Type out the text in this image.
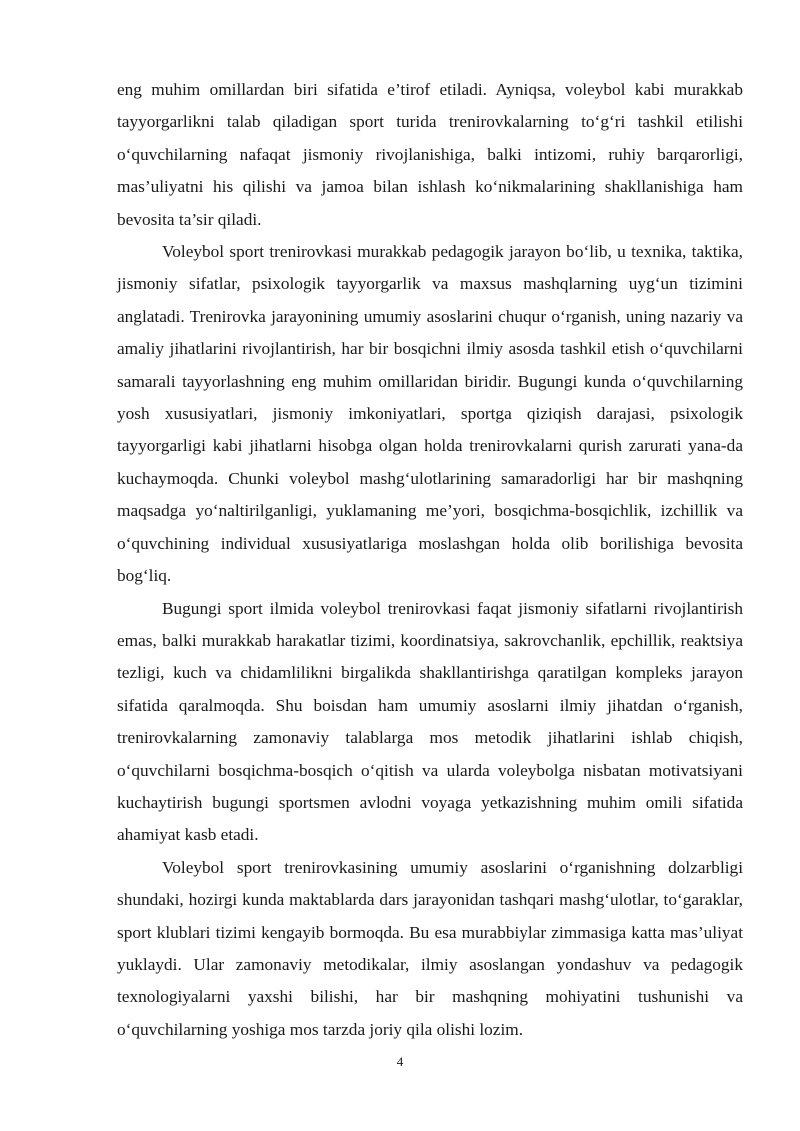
eng muhim omillardan biri sifatida e’tirof etiladi. Ayniqsa, voleybol kabi murakkab tayyorgarlikni talab qiladigan sport turida trenirovkalarning to‘g‘ri tashkil etilishi o‘quvchilarning nafaqat jismoniy rivojlanishiga, balki intizomi, ruhiy barqarorligi, mas’uliyatni his qilishi va jamoa bilan ishlash ko‘nikmalarining shakllanishiga ham bevosita ta’sir qiladi.

Voleybol sport trenirovkasi murakkab pedagogik jarayon bo‘lib, u texnika, taktika, jismoniy sifatlar, psixologik tayyorgarlik va maxsus mashqlarning uyg‘un tizimini anglatadi. Trenirovka jarayonining umumiy asoslarini chuqur o‘rganish, uning nazariy va amaliy jihatlarini rivojlantirish, har bir bosqichni ilmiy asosda tashkil etish o‘quvchilarni samarali tayyorlashning eng muhim omillaridan biridir. Bugungi kunda o‘quvchilarning yosh xususiyatlari, jismoniy imkoniyatlari, sportga qiziqish darajasi, psixologik tayyorgarligi kabi jihatlarni hisobga olgan holda trenirovkalarni qurish zarurati yana-da kuchaymoqda. Chunki voleybol mashg‘ulotlarining samaradorligi har bir mashqning maqsadga yo‘naltirilganligi, yuklamaning me’yori, bosqichma-bosqichlik, izchillik va o‘quvchining individual xususiyatlariga moslashgan holda olib borilishiga bevosita bog‘liq.

Bugungi sport ilmida voleybol trenirovkasi faqat jismoniy sifatlarni rivojlantirish emas, balki murakkab harakatlar tizimi, koordinatsiya, sakrovchanlik, epchillik, reaktsiya tezligi, kuch va chidamlilikni birgalikda shakllantirishga qaratilgan kompleks jarayon sifatida qaralmoqda. Shu boisdan ham umumiy asoslarni ilmiy jihatdan o‘rganish, trenirovkalarning zamonaviy talablarga mos metodik jihatlarini ishlab chiqish, o‘quvchilarni bosqichma-bosqich o‘qitish va ularda voleybolga nisbatan motivatsiyani kuchaytirish bugungi sportsmen avlodni voyaga yetkazishning muhim omili sifatida ahamiyat kasb etadi.

Voleybol sport trenirovkasining umumiy asoslarini o‘rganishning dolzarbligi shundaki, hozirgi kunda maktablarda dars jarayonidan tashqari mashg‘ulotlar, to‘garaklar, sport klublari tizimi kengayib bormoqda. Bu esa murabbiylar zimmasiga katta mas’uliyat yuklaydi. Ular zamonaviy metodikalar, ilmiy asoslangan yondashuv va pedagogik texnologiyalarni yaxshi bilishi, har bir mashqning mohiyatini tushunishi va o‘quvchilarning yoshiga mos tarzda joriy qila olishi lozim.

4
